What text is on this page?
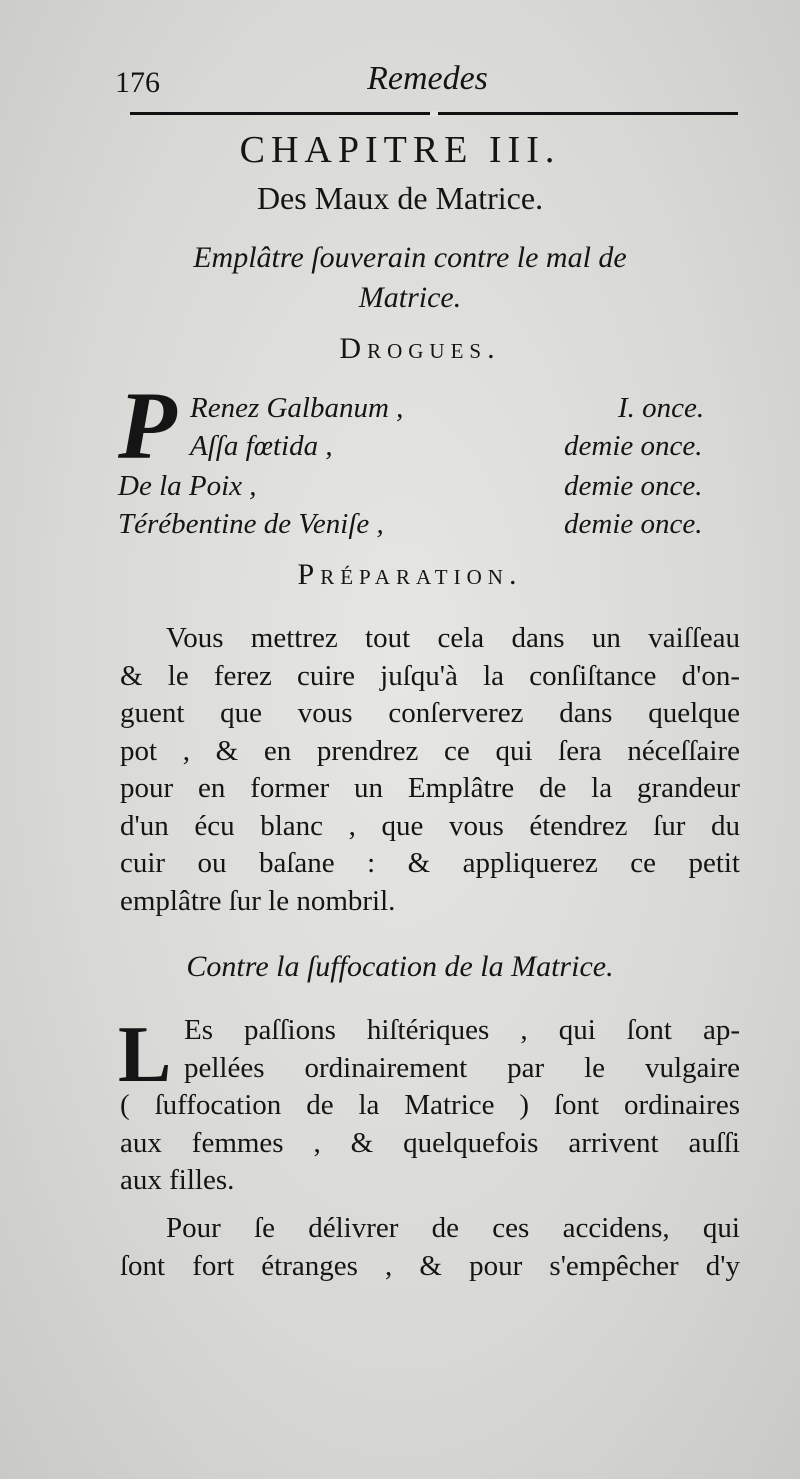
176	Remedes
CHAPITRE III.
Des Maux de Matrice.
Emplâtre ſouverain contre le mal de
Matrice.
Drogues.
P Renez Galbanum ,	I. once.
Aſſa fœtida ,	demie once.
De la Poix ,	demie once.
Térébentine de Veniſe ,	demie once.
Préparation.
Vous mettrez tout cela dans un vaiſſeau
& le ferez cuire juſqu'à la conſiſtance d'on-
guent que vous conſerverez dans quelque
pot , & en prendrez ce qui ſera néceſſaire
pour en former un Emplâtre de la grandeur
d'un écu blanc , que vous étendrez ſur du
cuir ou baſane : & appliquerez ce petit
emplâtre ſur le nombril.
Contre la ſuffocation de la Matrice.
L Es paſſions hiſtériques , qui ſont ap-
pellées ordinairement par le vulgaire
( ſuffocation de la Matrice ) ſont ordinaires
aux femmes , & quelquefois arrivent auſſi
aux filles.
Pour ſe délivrer de ces accidens, qui
ſont fort étranges , & pour s'empêcher d'y
